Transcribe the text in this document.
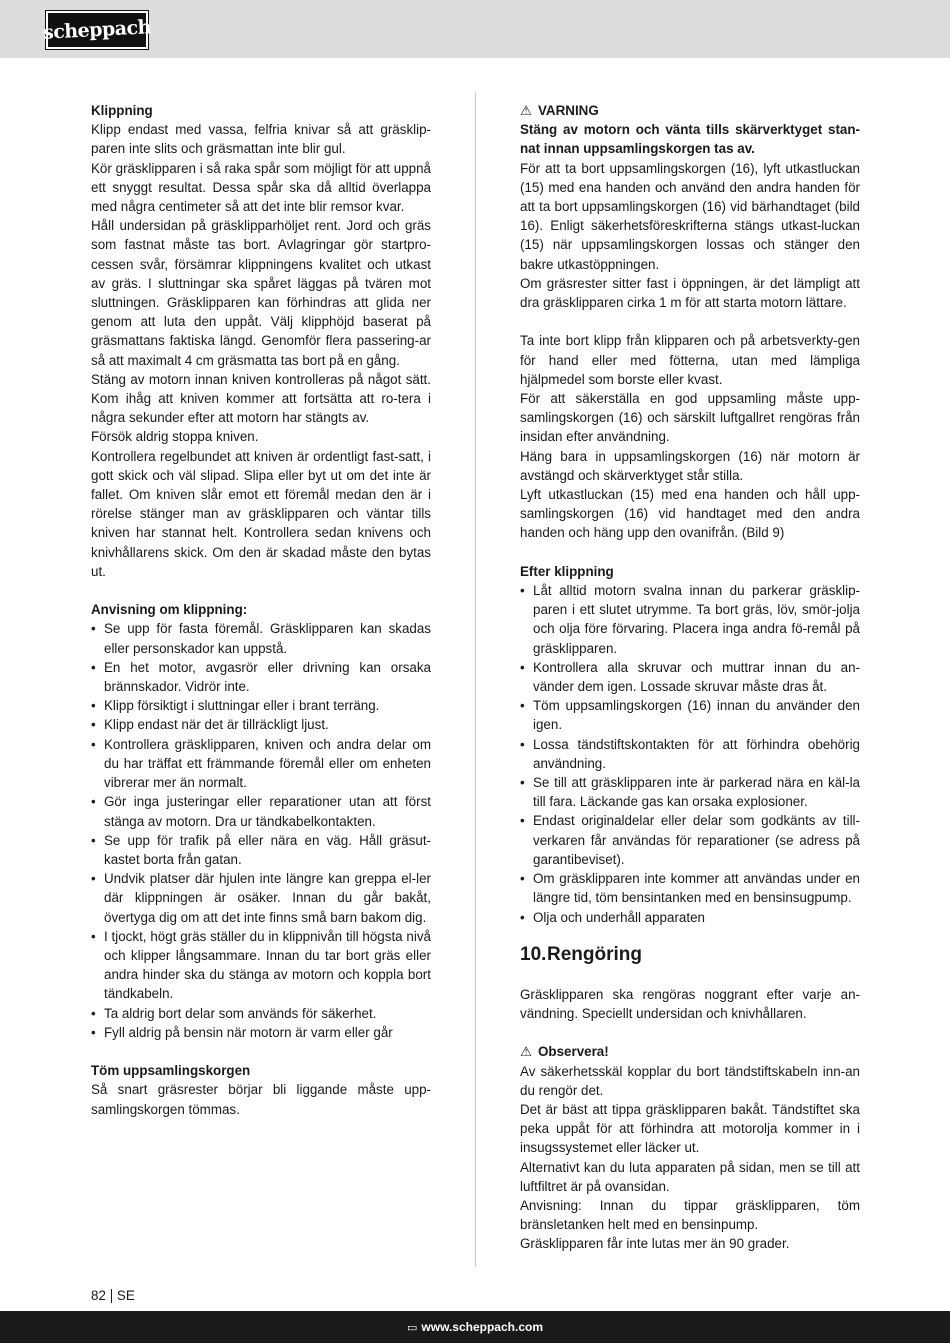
scheppach

Klippning

Klipp endast med vassa, felfria knivar så att gräsklip-paren inte slits och gräsmattan inte blir gul.

Kör gräsklipparen i så raka spår som möjligt för att uppnå ett snyggt resultat. Dessa spår ska då alltid överlappa med några centimeter så att det inte blir remsor kvar.

Håll undersidan på gräsklipparhöljet rent. Jord och gräs som fastnat måste tas bort. Avlagringar gör startpro-cessen svår, försämrar klippningens kvalitet och utkast av gräs. I sluttningar ska spåret läggas på tvären mot sluttningen. Gräsklipparen kan förhindras att glida ner genom att luta den uppåt. Välj klipphöjd baserat på gräsmattans faktiska längd. Genomför flera passering-ar så att maximalt 4 cm gräsmatta tas bort på en gång.

Stäng av motorn innan kniven kontrolleras på något sätt. Kom ihåg att kniven kommer att fortsätta att ro-tera i några sekunder efter att motorn har stängts av.

Försök aldrig stoppa kniven.

Kontrollera regelbundet att kniven är ordentligt fast-satt, i gott skick och väl slipad. Slipa eller byt ut om det inte är fallet. Om kniven slår emot ett föremål medan den är i rörelse stänger man av gräsklipparen och väntar tills kniven har stannat helt. Kontrollera sedan knivens och knivhållarens skick. Om den är skadad måste den bytas ut.

Anvisning om klippning:

• Se upp för fasta föremål. Gräsklipparen kan skadas eller personskador kan uppstå.
• En het motor, avgasrör eller drivning kan orsaka brännskador. Vidrör inte.
• Klipp försiktigt i sluttningar eller i brant terräng.
• Klipp endast när det är tillräckligt ljust.
• Kontrollera gräsklipparen, kniven och andra delar om du har träffat ett främmande föremål eller om enheten vibrerar mer än normalt.
• Gör inga justeringar eller reparationer utan att först stänga av motorn. Dra ur tändkabelkontakten.
• Se upp för trafik på eller nära en väg. Håll gräsut-kastet borta från gatan.
• Undvik platser där hjulen inte längre kan greppa el-ler där klippningen är osäker. Innan du går bakåt, övertyga dig om att det inte finns små barn bakom dig.
• I tjockt, högt gräs ställer du in klippnivån till högsta nivå och klipper långsammare. Innan du tar bort gräs eller andra hinder ska du stänga av motorn och koppla bort tändkabeln.
• Ta aldrig bort delar som används för säkerhet.
• Fyll aldrig på bensin när motorn är varm eller går

Töm uppsamlingskorgen

Så snart gräsrester börjar bli liggande måste upp-samlingskorgen tömmas.

⚠ VARNING

Stäng av motorn och vänta tills skärverktyget stan-nat innan uppsamlingskorgen tas av.

För att ta bort uppsamlingskorgen (16), lyft utkastluckan (15) med ena handen och använd den andra handen för att ta bort uppsamlingskorgen (16) vid bärhandtaget (bild 16). Enligt säkerhetsföreskrifterna stängs utkast-luckan (15) när uppsamlingskorgen lossas och stänger den bakre utkastöppningen.

Om gräsrester sitter fast i öppningen, är det lämpligt att dra gräsklipparen cirka 1 m för att starta motorn lättare.

Ta inte bort klipp från klipparen och på arbetsverkty-gen för hand eller med fötterna, utan med lämpliga hjälpmedel som borste eller kvast.

För att säkerställa en god uppsamling måste upp-samlingskorgen (16) och särskilt luftgallret rengöras från insidan efter användning.

Häng bara in uppsamlingskorgen (16) när motorn är avstängd och skärverktyget står stilla.

Lyft utkastluckan (15) med ena handen och håll upp-samlingskorgen (16) vid handtaget med den andra handen och häng upp den ovanifrån. (Bild 9)

Efter klippning

• Låt alltid motorn svalna innan du parkerar gräsklip-paren i ett slutet utrymme. Ta bort gräs, löv, smör-jolja och olja före förvaring. Placera inga andra fö-remål på gräsklipparen.
• Kontrollera alla skruvar och muttrar innan du an-vänder dem igen. Lossade skruvar måste dras åt.
• Töm uppsamlingskorgen (16) innan du använder den igen.
• Lossa tändstiftskontakten för att förhindra obehörig användning.
• Se till att gräsklipparen inte är parkerad nära en käl-la till fara. Läckande gas kan orsaka explosioner.
• Endast originaldelar eller delar som godkänts av till-verkaren får användas för reparationer (se adress på garantibeviset).
• Om gräsklipparen inte kommer att användas under en längre tid, töm bensintanken med en bensinsugpump.
• Olja och underhåll apparaten
10. Rengöring

Gräsklipparen ska rengöras noggrant efter varje an-vändning. Speciellt undersidan och knivhållaren.

⚠ Observera!

Av säkerhetsskäl kopplar du bort tändstiftskabeln inn-an du rengör det.

Det är bäst att tippa gräsklipparen bakåt. Tändstiftet ska peka uppåt för att förhindra att motorolja kommer in i insugssystemet eller läcker ut.

Alternativt kan du luta apparaten på sidan, men se till att luftfiltret är på ovansidan.

Anvisning: Innan du tippar gräsklipparen, töm bränsletanken helt med en bensinpump.

Gräsklipparen får inte lutas mer än 90 grader.

82 SE
▭ www.scheppach.com
